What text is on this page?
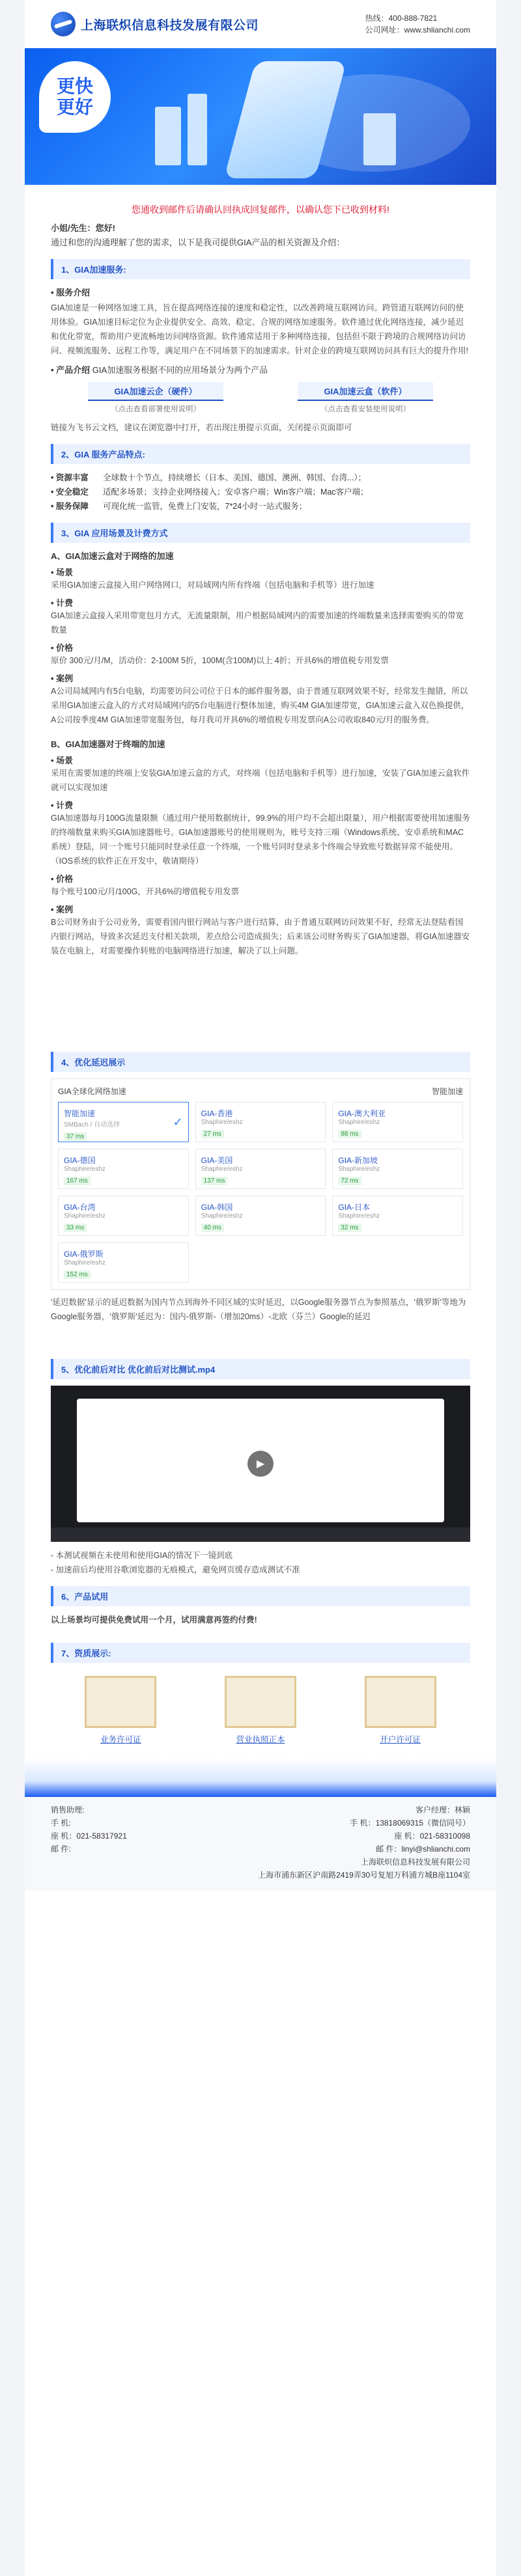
上海联炽信息科技发展有限公司
热线：400-888-7821
公司网址：www.shlianchi.com
更快
更好
您通收到邮件后请确认回执成回复邮件，以确认您下已收到材料!
小姐/先生：您好!
通过和您的沟通理解了您的需求，以下是我司提供GIA产品的相关资源及介绍：
1、GIA加速服务:
• 服务介绍

GIA加速是一种网络加速工具，旨在提高网络连接的速度和稳定性，以改善跨境互联网访问。跨管道互联网访问的使用体验。GIA加速目标定位为企业提供安全、高效、稳定、合规的网络加速服务。软件通过优化网络连接，减少延迟和优化带宽，帮助用户更流畅地访问网络资源。软件通常适用于多种网络连接，包括但不限于跨境的合规网络访问访问、视频流服务、远程工作等，满足用户在不同场景下的加速需求。针对企业的跨境互联网访问具有巨大的提升作用!

• 产品介绍 GIA加速服务根据不同的应用场景分为两个产品
GIA加速云企（硬件）
（点击查看部署使用说明）
GIA加速云盒（软件）
（点击查看安装使用说明）

链接为飞书云文档，建议在浏览器中打开，若出现注册提示页面，关闭提示页面即可

2、GIA 服务产品特点:
• 资源丰富	全球数十个节点，持续增长（日本、美国、德国、澳洲、韩国、台湾...）；
• 安全稳定	适配多场景；支持企业网络接入；安卓客户端；Win客户端；Mac客户端；
• 服务保障	可现化统一监管，免费上门安装，7*24小时一站式服务；
3、GIA 应用场景及计费方式
A、GIA加速云盒对于网络的加速
• 场景

采用GIA加速云盒接入用户网络网口，对局域网内所有终端（包括电脑和手机等）进行加速

• 计费

GIA加速云盒接入采用带宽包月方式，无流量限制，用户根据局域网内的需要加速的终端数量来选择需要购买的带宽数量

• 价格

原价 300元/月/M，活动价：2-100M 5折，100M(含100M)以上 4折；开具6%的增值税专用发票

• 案例

A公司局域网内有5台电脑，均需要访问公司位于日本的邮件服务器，由于普通互联网效果不好，经常发生抛错，所以采用GIA加速云盒入的方式对局域网内的5台电脑进行整体加速，购买4M GIA加速带宽，GIA加速云盒入双色换提供，A公司按季度4M GIA加速带宽服务包，每月我司开具6%的增值税专用发票向A公司收取840元/月的服务费。

B、GIA加速器对于终端的加速
• 场景

采用在需要加速的终端上安装GIA加速云盒的方式，对终端（包括电脑和手机等）进行加速，安装了GIA加速云盒软件就可以实现加速

• 计费

GIA加速器每月100G流量限额（通过用户使用数据统计，99.9%的用户均不会超出限量），用户根据需要使用加速服务的终端数量来购买GIA加速器账号。GIA加速器账号的使用规则为，账号支持三端（Windows系统、安卓系统和MAC系统）登陆，同一个账号只能同时登录任意一个终端，一个账号同时登录多个终端会导致账号数据异常不能使用。（IOS系统的软件正在开发中，敬请期待）

• 价格

每个账号100元/月/100G，开具6%的增值税专用发票

• 案例

B公司财务由于公司业务，需要看国内银行网站与客户进行结算，由于普通互联网访问效果不好，经常无法登陆看国内银行网站，导致多次延迟支付相关款项，差点给公司造成损失；后来该公司财务购买了GIA加速器，将GIA加速器安装在电脑上，对需要操作转账的电脑网络进行加速，解决了以上问题。

4、优化延迟展示
GIA全球化网络加速	智能加速
智能加速
SMBach / 自动选择
37 ms
✓
GIA-香港
Shaphire/eshz
27 ms
GIA-澳大利亚
Shaphire/eshz
88 ms
GIA-德国
Shaphire/eshz
167 ms
GIA-美国
Shaphire/eshz
137 ms
GIA-新加坡
Shaphire/eshz
72 ms
GIA-台湾
Shaphire/eshz
33 ms
GIA-韩国
Shaphire/eshz
40 ms
GIA-日本
Shaphire/eshz
32 ms
GIA-俄罗斯
Shaphire/eshz
152 ms

'延迟数据'显示的延迟数据为国内节点到海外不同区域的实时延迟，以Google服务器节点为参照基点，'俄罗斯'等地为Google服务器，'俄罗斯'延迟为：国内-俄罗斯-（增加20ms）-北欧（芬兰）Google的延迟

5、优化前后对比 优化前后对比测试.mp4
▶

- 本测试视频在未使用和使用GIA的情况下一镜到底

- 加速前后均使用谷歌浏览器的无痕模式，避免网页缓存造成测试不准

6、产品试用

以上场景均可提供免费试用一个月，试用满意再签约付费!

7、资质展示:
业务许可证	营业执照正本	开户许可证
销售助理:
手 机:
座 机：021-58317921
邮 件:
客户经理：林颖
手 机：13818069315（微信同号）
座 机：021-58310098
邮 件：linyi@shlianchi.com
上海联炽信息科技发展有限公司
上海市浦东新区沪南路2419弄30号复旭万科浦方城B座1104室
